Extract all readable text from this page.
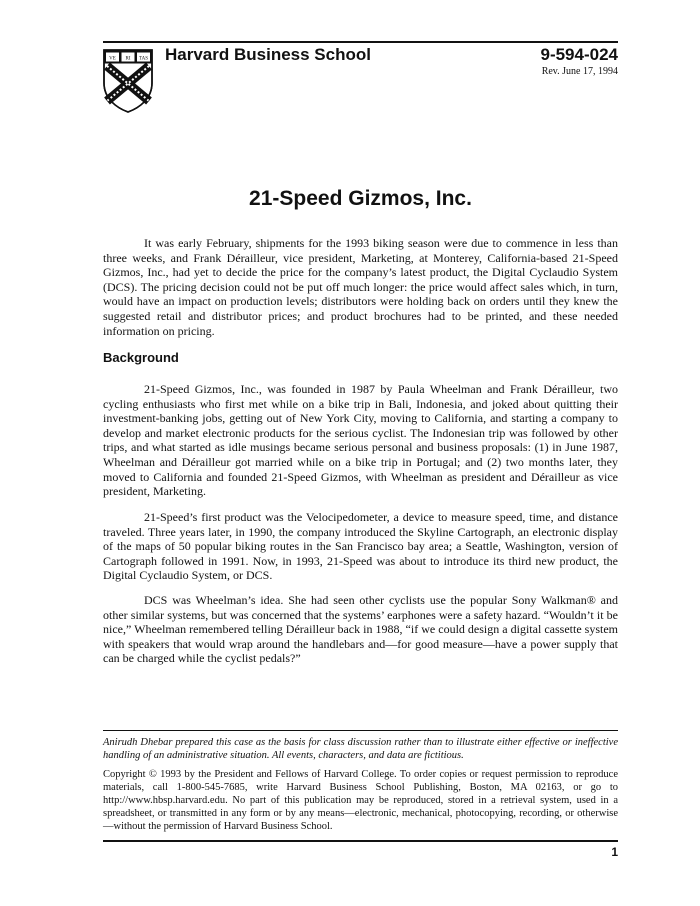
VE RI TAS Harvard Business School	9-594-024
Rev. June 17, 1994
21-Speed Gizmos, Inc.

It was early February, shipments for the 1993 biking season were due to commence in less than three weeks, and Frank Dérailleur, vice president, Marketing, at Monterey, California-based 21-Speed Gizmos, Inc., had yet to decide the price for the company’s latest product, the Digital Cyclaudio System (DCS). The pricing decision could not be put off much longer: the price would affect sales which, in turn, would have an impact on production levels; distributors were holding back on orders until they knew the suggested retail and distributor prices; and product brochures had to be printed, and these needed information on pricing.

Background

21-Speed Gizmos, Inc., was founded in 1987 by Paula Wheelman and Frank Dérailleur, two cycling enthusiasts who first met while on a bike trip in Bali, Indonesia, and joked about quitting their investment-banking jobs, getting out of New York City, moving to California, and starting a company to develop and market electronic products for the serious cyclist. The Indonesian trip was followed by other trips, and what started as idle musings became serious personal and business proposals: (1) in June 1987, Wheelman and Dérailleur got married while on a bike trip in Portugal; and (2) two months later, they moved to California and founded 21-Speed Gizmos, with Wheelman as president and Dérailleur as vice president, Marketing.

21-Speed’s first product was the Velocipedometer, a device to measure speed, time, and distance traveled. Three years later, in 1990, the company introduced the Skyline Cartograph, an electronic display of the maps of 50 popular biking routes in the San Francisco bay area; a Seattle, Washington, version of Cartograph followed in 1991. Now, in 1993, 21-Speed was about to introduce its third new product, the Digital Cyclaudio System, or DCS.

DCS was Wheelman’s idea. She had seen other cyclists use the popular Sony Walkman® and other similar systems, but was concerned that the systems’ earphones were a safety hazard. “Wouldn’t it be nice,” Wheelman remembered telling Dérailleur back in 1988, “if we could design a digital cassette system with speakers that would wrap around the handlebars and—for good measure—have a power supply that can be charged while the cyclist pedals?”

Anirudh Dhebar prepared this case as the basis for class discussion rather than to illustrate either effective or ineffective handling of an administrative situation. All events, characters, and data are fictitious.

Copyright © 1993 by the President and Fellows of Harvard College. To order copies or request permission to reproduce materials, call 1-800-545-7685, write Harvard Business School Publishing, Boston, MA 02163, or go to http://www.hbsp.harvard.edu. No part of this publication may be reproduced, stored in a retrieval system, used in a spreadsheet, or transmitted in any form or by any means—electronic, mechanical, photocopying, recording, or otherwise—without the permission of Harvard Business School.

1
